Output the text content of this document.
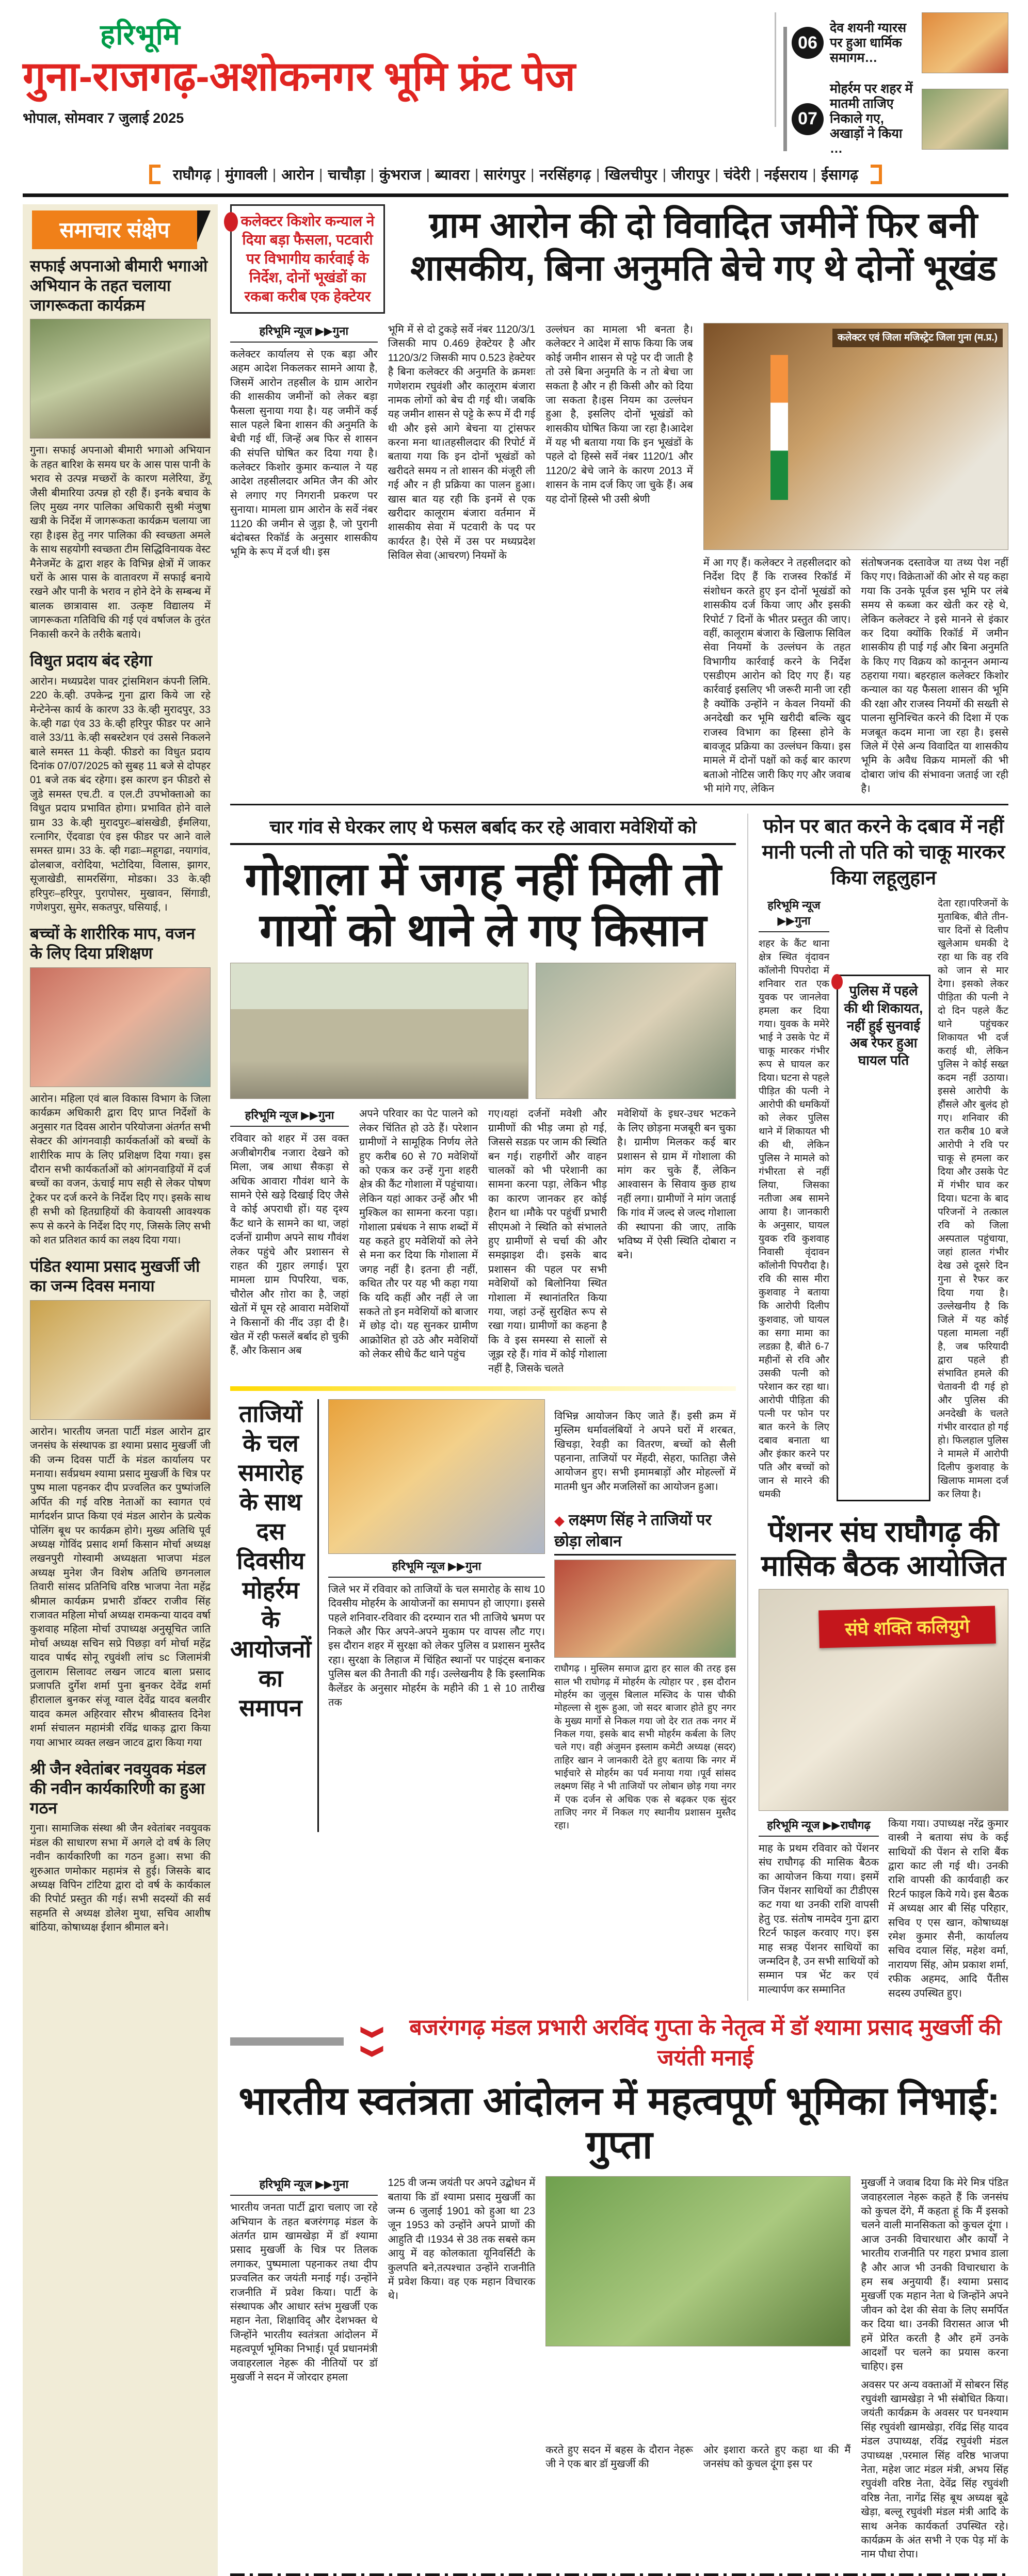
हरिभूमि
गुना-राजगढ़-अशोकनगर भूमि फ्रंट पेज
भोपाल, सोमवार 7 जुलाई 2025
06
देव शयनी ग्यारस पर हुआ धार्मिक समागम…
07
मोहर्रम पर शहर में मातमी ताजिए निकाले गए, अखाड़ों ने किया …
राघौगढ़ | मुंगावली | आरोन | चाचौड़ा | कुंभराज | ब्यावरा | सारंगपुर | नरसिंहगढ़ | खिलचीपुर | जीरापुर | चंदेरी | नईसराय | ईसागढ़
समाचार संक्षेप
सफाई अपनाओ बीमारी भगाओ अभियान के तहत चलाया जागरूकता कार्यक्रम
गुना। सफाई अपनाओ बीमारी भगाओ अभियान के तहत बारिश के समय घर के आस पास पानी के भराव से उत्पन्न मच्छरों के कारण मलेरिया, डेंगू जैसी बीमारिया उत्पन्न हो रही हैं। इनके बचाव के लिए मुख्य नगर पालिका अधिकारी सुश्री मंजुषा खत्री के निर्देश में जागरूकता कार्यक्रम चलाया जा रहा है।इस हेतु नगर पालिका की स्वच्छता अमले के साथ सहयोगी स्वच्छता टीम सिद्धिविनायक वेस्ट मैनेजमेंट के द्वारा शहर के विभिन्न क्षेत्रों में जाकर घरों के आस पास के वातावरण में सफाई बनाये रखने और पानी के भराव न होने देने के सम्बन्ध में बालक छात्रावास शा. उत्कृष्ट विद्यालय में जागरूकता गतिविधि की गई एवं वर्षाजल के तुरंत निकासी करने के तरीके बताये।
विधुत प्रदाय बंद रहेगा
आरोन। मध्यप्रदेश पावर ट्रांसमिशन कंपनी लिमि. 220 के.व्ही. उपकेन्द्र गुना द्वारा किये जा रहे मेन्टेनेन्स कार्य के कारण 33 के.व्ही मुरादपुर, 33 के.व्ही गढा एंव 33 के.व्ही हरिपुर फीडर पर आने वाले 33/11 के.व्ही सबस्टेशन एवं उससे निकलने बाले समस्त 11 केव्ही. फीडरो का विधुत प्रदाय दिनांक 07/07/2025 को सुबह 11 बजे से दोपहर 01 बजे तक बंद रहेगा। इस कारण इन फीडरो से जुडे समस्त एच.टी. व एल.टी उपभोक्ताओ का विधुत प्रदाय प्रभावित होगा। प्रभावित होने वाले ग्राम 33 के.व्ही मुरादपुरः–बांसखेडी, ईमलिया, रत्नागिर, ऐंदवाडा एंव इस फीडर पर आने वाले समस्त ग्राम। 33 के. व्ही गढाः–महूगढा, नयागांव, ढोलबाज, वरोदिया, भटोदिया, विलास, झागर, सूजाखेडी, सामरसिंगा, मोडका। 33 के.व्ही हरिपुरः–हरिपुर, पुरापोसर, मुखावन, सिंगाडी, गणेशपुरा, सुमेर, सकतपुर, घसियाई, ।
बच्चों के शारीरिक माप, वजन के लिए दिया प्रशिक्षण
आरोन। महिला एवं बाल विकास विभाग के जिला कार्यक्रम अधिकारी द्वारा दिए प्राप्त निर्देशों के अनुसार गत दिवस आरोन परियोजना अंतर्गत सभी सेक्टर की आंगनवाड़ी कार्यकर्ताओं को बच्चों के शारीरिक माप के लिए प्रशिक्षण दिया गया। इस दौरान सभी कार्यकर्ताओं को आंगनवाड़ियों में दर्ज बच्चों का वजन, ऊंचाई माप सही से लेकर पोषण ट्रेकर पर दर्ज करने के निर्देश दिए गए। इसके साथ ही सभी को हितग्राहियों की केवायसी आवश्यक रूप से करने के निर्देश दिए गए, जिसके लिए सभी को शत प्रतिशत कार्य का लक्ष्य दिया गया।
पंडित श्यामा प्रसाद मुखर्जी जी का जन्म दिवस मनाया
आरोन। भारतीय जनता पार्टी मंडल आरोन द्वार जनसंघ के संस्थापक डा श्यामा प्रसाद मुखर्जी जी की जन्म दिवस पार्टी के मंडल कार्यालय पर मनाया। सर्वप्रथम श्यामा प्रसाद मुखर्जी के चित्र पर पुष्प माला पहनकर दीप प्रज्वलित कर पुष्पांजलि अर्पित की गई वरिष्ठ नेताओं का स्वागत एवं मार्गदर्शन प्राप्त किया एवं मंडल आरोन के प्रत्येक पोलिंग बूथ पर कार्यक्रम होगे। मुख्य अतिथि पूर्व अध्यक्ष गोविंद प्रसाद शर्मा किसान मोर्चा अध्यक्ष लखनपुरी गोस्वामी अध्यक्षता भाजपा मंडल अध्यक्ष मुनेश जैन विशेष अतिथि छगनलाल तिवारी सांसद प्रतिनिधि वरिष्ठ भाजपा नेता महेंद्र श्रीमाल कार्यक्रम प्रभारी डॉक्टर राजीव सिंह राजावत महिला मोर्चा अध्यक्ष रामकन्या यादव वर्षा कुशवाह महिला मोर्चा उपाध्यक्ष अनुसूचित जाति मोर्चा अध्यक्ष सचिन सप्रे पिछड़ा वर्ग मोर्चा महेंद्र यादव पार्षद सोनू रघुवंशी लांच sc जिलामंत्री तुलाराम सिलावट लखन जाटव बाला प्रसाद प्रजापति दुर्गेश शर्मा पुना बुनकर देवेंद्र शर्मा हीरालाल बुनकर संजू ग्वाल देवेंद्र यादव बलवीर यादव कमल अहिरवार सौरभ श्रीवास्तव दिनेश शर्मा संचालन महामंत्री रविंद्र धाकड़ द्वारा किया गया आभार व्यक्त लखन जाटव द्वारा किया गया
श्री जैन श्वेतांबर नवयुवक मंडल की नवीन कार्यकारिणी का हुआ गठन
गुना। सामाजिक संस्था श्री जैन श्वेतांबर नवयुवक मंडल की साधारण सभा में अगले दो वर्ष के लिए नवीन कार्यकारिणी का गठन हुआ। सभा की शुरुआत णमोकार महामंत्र से हुई। जिसके बाद अध्यक्ष विपिन टांटिया द्वारा दो वर्ष के कार्यकाल की रिपोर्ट प्रस्तुत की गई। सभी सदस्यों की सर्व सहमति से अध्यक्ष डोलेश मुथा, सचिव आशीष बांठिया, कोषाध्यक्ष ईशान श्रीमाल बने।
कलेक्टर किशोर कन्याल ने दिया बड़ा फैसला, पटवारी पर विभागीय कार्रवाई के निर्देश, दोनों भूखंडों का रकबा करीब एक हेक्टेयर
ग्राम आरोन की दो विवादित जमीनें फिर बनी शासकीय, बिना अनुमति बेचे गए थे दोनों भूखंड
हरिभूमि न्यूज ▶▶गुना

कलेक्टर कार्यालय से एक बड़ा और अहम आदेश निकलकर सामने आया है, जिसमें आरोन तहसील के ग्राम आरोन की शासकीय जमीनों को लेकर बड़ा फैसला सुनाया गया है। यह जमीनें कई साल पहले बिना शासन की अनुमति के बेची गई थीं, जिन्हें अब फिर से शासन की संपत्ति घोषित कर दिया गया है। कलेक्टर किशोर कुमार कन्याल ने यह आदेश तहसीलदार अमित जैन की ओर से लगाए गए निगरानी प्रकरण पर सुनाया। मामला ग्राम आरोन के सर्वे नंबर 1120 की जमीन से जुड़ा है, जो पुरानी बंदोबस्त रिकॉर्ड के अनुसार शासकीय भूमि के रूप में दर्ज थी। इस

भूमि में से दो टुकड़े सर्वे नंबर 1120/3/1 जिसकी माप 0.469 हेक्टेयर है और 1120/3/2 जिसकी माप 0.523 हेक्टेयर है बिना कलेक्टर की अनुमति के क्रमशः गणेशराम रघुवंशी और कालूराम बंजारा नामक लोगों को बेच दी गई थी। जबकि यह जमीन शासन से पट्टे के रूप में दी गई थी और इसे आगे बेचना या ट्रांसफर करना मना था।तहसीलदार की रिपोर्ट में बताया गया कि इन दोनों भूखंडों को खरीदते समय न तो शासन की मंजूरी ली गई और न ही प्रक्रिया का पालन हुआ। खास बात यह रही कि इनमें से एक खरीदार कालूराम बंजारा वर्तमान में शासकीय सेवा में पटवारी के पद पर कार्यरत है। ऐसे में उस पर मध्यप्रदेश सिविल सेवा (आचरण) नियमों के

उल्लंघन का मामला भी बनता है। कलेक्टर ने आदेश में साफ किया कि जब कोई जमीन शासन से पट्टे पर दी जाती है तो उसे बिना अनुमति के न तो बेचा जा सकता है और न ही किसी और को दिया जा सकता है।इस नियम का उल्लंघन हुआ है, इसलिए दोनों भूखंडों को शासकीय घोषित किया जा रहा है।आदेश में यह भी बताया गया कि इन भूखंडों के पहले दो हिस्से सर्वे नंबर 1120/1 और 1120/2 बेचे जाने के कारण 2013 में शासन के नाम दर्ज किए जा चुके हैं। अब यह दोनों हिस्से भी उसी श्रेणी

कलेक्टर एवं जिला मजिस्ट्रेट जिला गुना (म.प्र.)

में आ गए हैं। कलेक्टर ने तहसीलदार को निर्देश दिए हैं कि राजस्व रिकॉर्ड में संशोधन करते हुए इन दोनों भूखंडों को शासकीय दर्ज किया जाए और इसकी रिपोर्ट 7 दिनों के भीतर प्रस्तुत की जाए। वहीं, कालूराम बंजारा के खिलाफ सिविल सेवा नियमों के उल्लंघन के तहत विभागीय कार्रवाई करने के निर्देश एसडीएम आरोन को दिए गए हैं। यह कार्रवाई इसलिए भी जरूरी मानी जा रही है क्योंकि उन्होंने न केवल नियमों की अनदेखी कर भूमि खरीदी बल्कि खुद राजस्व विभाग का हिस्सा होने के बावजूद प्रक्रिया का उल्लंघन किया। इस मामले में दोनों पक्षों को कई बार कारण बताओ नोटिस जारी किए गए और जवाब भी मांगे गए, लेकिन

संतोषजनक दस्तावेज या तथ्य पेश नहीं किए गए। विक्रेताओं की ओर से यह कहा गया कि उनके पूर्वज इस भूमि पर लंबे समय से कब्जा कर खेती कर रहे थे, लेकिन कलेक्टर ने इसे मानने से इंकार कर दिया क्योंकि रिकॉर्ड में जमीन शासकीय ही पाई गई और बिना अनुमति के किए गए विक्रय को कानूनन अमान्य ठहराया गया। बहरहाल कलेक्टर किशोर कन्याल का यह फैसला शासन की भूमि की रक्षा और राजस्व नियमों की सख्ती से पालना सुनिश्चित करने की दिशा में एक मजबूत कदम माना जा रहा है। इससे जिले में ऐसे अन्य विवादित या शासकीय भूमि के अवैध विक्रय मामलों की भी दोबारा जांच की संभावना जताई जा रही है।

चार गांव से घेरकर लाए थे फसल बर्बाद कर रहे आवारा मवेशियों को
गोशाला में जगह नहीं मिली तो गायों को थाने ले गए किसान
हरिभूमि न्यूज ▶▶गुना

रविवार को शहर में उस वक्त अजीबोगरीब नजारा देखने को मिला, जब आधा सैकड़ा से अधिक आवारा गौवंश थाने के सामने ऐसे खड़े दिखाई दिए जैसे वे कोई अपराधी हों। यह दृश्य कैंट थाने के सामने का था, जहां दर्जनों ग्रामीण अपने साथ गौवंश लेकर पहुंचे और प्रशासन से राहत की गुहार लगाई। पूरा मामला ग्राम पिपरिया, चक, चौरोल और ग़ोरा का है, जहां खेतों में घूम रहे आवारा मवेशियों ने किसानों की नींद उड़ा दी है। खेत में रही फसलें बर्बाद हो चुकी हैं, और किसान अब

अपने परिवार का पेट पालने को लेकर चिंतित हो उठे हैं। परेशान ग्रामीणों ने सामूहिक निर्णय लेते हुए करीब 60 से 70 मवेशियों को एकत्र कर उन्हें गुना शहरी क्षेत्र की कैंट गोशाला में पहुंचाया।लेकिन यहां आकर उन्हें और भी मुश्किल का सामना करना पड़ा। गोशाला प्रबंधक ने साफ शब्दों में यह कहते हुए मवेशियों को लेने से मना कर दिया कि गोशाला में जगह नहीं है। इतना ही नहीं, कथित तौर पर यह भी कहा गया कि यदि कहीं और नहीं ले जा सकते तो इन मवेशियों को बाजार में छोड़ दो। यह सुनकर ग्रामीण आक्रोशित हो उठे और मवेशियों को लेकर सीधे कैंट थाने पहुंच

गए।यहां दर्जनों मवेशी और ग्रामीणों की भीड़ जमा हो गई, जिससे सडक़ पर जाम की स्थिति बन गई। राहगीरों और वाहन चालकों को भी परेशानी का सामना करना पड़ा, लेकिन भीड़ का कारण जानकर हर कोई हैरान था ।मौके पर पहुंचीं प्रभारी सीएमओ ने स्थिति को संभालते हुए ग्रामीणों से चर्चा की और समझाइश दी। इसके बाद प्रशासन की पहल पर सभी मवेशियों को बिलोनिया स्थित गोशाला में स्थानांतरित किया गया, जहां उन्हें सुरक्षित रूप से रखा गया। ग्रामीणों का कहना है कि वे इस समस्या से सालों से जूझ रहे हैं। गांव में कोई गोशाला नहीं है, जिसके चलते

मवेशियों के इधर-उधर भटकने के लिए छोड़ना मजबूरी बन चुका है। ग्रामीण मिलकर कई बार प्रशासन से ग्राम में गोशाला की मांग कर चुके हैं, लेकिन आश्वासन के सिवाय कुछ हाथ नहीं लगा। ग्रामीणों ने मांग जताई कि गांव में जल्द से जल्द गोशाला की स्थापना की जाए, ताकि भविष्य में ऐसी स्थिति दोबारा न बने।

ताजियों के चल समारोह के साथ दस दिवसीय मोहर्रम के आयोजनों का समापन
हरिभूमि न्यूज ▶▶गुना

जिले भर में रविवार को ताजियों के चल समारोह के साथ 10 दिवसीय मोहर्रम के आयोजनों का समापन हो जाएगा। इससे पहले शनिवार-रविवार की दरम्यान रात भी ताजिये भ्रमण पर निकले और फिर अपने-अपने मुकाम पर वापस लौट गए। इस दौरान शहर में सुरक्षा को लेकर पुलिस व प्रशासन मुस्तैद रहा। सुरक्षा के लिहाज में चिंहित स्थानों पर पाइंट्स बनाकर पुलिस बल की तैनाती की गई। उल्लेखनीय है कि इस्लामिक कैलेंडर के अनुसार मोहर्रम के महीने की 1 से 10 तारीख तक

विभिन्न आयोजन किए जाते हैं। इसी क्रम में मुस्लिम धर्मावलंबियों ने अपने घरों में शरबत, खिचड़ा, रेवड़ी का वितरण, बच्चों को सैली पहनाना, ताजियों पर मेंहदी, सेहरा, फातिहा जैसे आयोजन हुए। सभी इमामबाड़ों और मोहल्लों में मातमी धुन और मजलिसों का आयोजन हुआ।

◆ लक्ष्मण सिंह ने ताजियों पर छोड़ा लोबान

राघौगढ़ । मुस्लिम समाज द्वारा हर साल की तरह इस साल भी राघोगढ़ में मोहर्रम के त्योहार पर , इस दौरान मोहर्रम का जुलूस बिलाल मस्जिद के पास चौकी मोहल्ला से शुरू हुआ, जो सदर बाजार होते हुए नगर के मुख्य मार्गो से निकल गया जो देर रात तक नगर में निकल गया, इसके बाद सभी मोहर्रम कर्बला के लिए चले गए। वही अंजुमन इस्लाम कमेटी अध्यक्ष (सदर) ताहिर खान ने जानकारी देते हुए बताया कि नगर में भाईचारे से मोहर्रम का पर्व मनाया गया ।पूर्व सांसद लक्ष्मण सिंह ने भी ताजियों पर लोबान छोड़ गया नगर में एक दर्जन से अधिक एक से बढ़कर एक सुंदर ताजिए नगर में निकल गए स्थानीय प्रशासन मुस्तैद रहा।

फोन पर बात करने के दबाव में नहीं मानी पत्नी तो पति को चाकू मारकर किया लहूलुहान
हरिभूमि न्यूज ▶▶गुना

शहर के कैंट थाना क्षेत्र स्थित वृंदावन कॉलोनी पिपरोदा में शनिवार रात एक युवक पर जानलेवा हमला कर दिया गया। युवक के ममेरे भाई ने उसके पेट में चाकू मारकर गंभीर रूप से घायल कर दिया। घटना से पहले पीड़ित की पत्नी ने आरोपी की धमकियों को लेकर पुलिस थाने में शिकायत भी की थी, लेकिन पुलिस ने मामले को गंभीरता से नहीं लिया, जिसका नतीजा अब सामने आया है। जानकारी के अनुसार, घायल युवक रवि कुशवाह निवासी वृंदावन कॉलोनी पिपरौदा है। रवि की सास मीरा कुशवाह ने बताया कि आरोपी दिलीप कुशवाह, जो घायल का सगा मामा का लडक़ा है, बीते 6-7 महीनों से रवि और उसकी पत्नी को परेशान कर रहा था। आरोपी पीड़िता की पत्नी पर फोन पर बात करने के लिए दबाव बनाता था और इंकार करने पर पति और बच्चों को जान से मारने की धमकी

पुलिस में पहले की थी शिकायत, नहीं हुई सुनवाई अब रेफर हुआ घायल पति

देता रहा।परिजनों के मुताबिक, बीते तीन-चार दिनों से दिलीप खुलेआम धमकी दे रहा था कि वह रवि को जान से मार देगा। इसको लेकर पीड़िता की पत्नी ने दो दिन पहले कैंट थाने पहुंचकर शिकायत भी दर्ज कराई थी, लेकिन पुलिस ने कोई सख्त कदम नहीं उठाया। इससे आरोपी के हौंसले और बुलंद हो गए। शनिवार की रात करीब 10 बजे आरोपी ने रवि पर चाकू से हमला कर दिया और उसके पेट में गंभीर घाव कर दिया। घटना के बाद परिजनों ने तत्काल रवि को जिला अस्पताल पहुंचाया, जहां हालत गंभीर देख उसे दूसरे दिन गुना से रैफर कर दिया गया है।उल्लेखनीय है कि जिले में यह कोई पहला मामला नहीं है, जब फरियादी द्वारा पहले ही संभावित हमले की चेतावनी दी गई हो और पुलिस की अनदेखी के चलते गंभीर वारदात हो गई हो। फिलहाल पुलिस ने मामले में आरोपी दिलीप कुशवाह के खिलाफ मामला दर्ज कर लिया है।

पेंशनर संघ राघौगढ़ की मासिक बैठक आयोजित
संघे शक्ति कलियुगे
हरिभूमि न्यूज ▶▶राघौगढ़

माह के प्रथम रविवार को पेंशनर संघ राघौगढ़ की मासिक बैठक का आयोजन किया गया। इसमें जिन पेंशनर साथियों का टीडीएस कट गया था उनकी राशि वापसी हेतु एड. संतोष नामदेव गुना द्वारा रिटर्न फाइल करवाए गए। इस माह सत्रह पेंशनर साथियों का जन्मदिन है, उन सभी साथियों को सम्मान पत्र भेंट कर एवं माल्यार्पण कर सम्मानित

किया गया। उपाध्यक्ष नरेंद्र कुमार वास्त्री ने बताया संघ के कई साथियों की पेंशन से राशि बैंक द्वारा काट ली गई थी। उनकी राशि वापसी की कार्यवाही कर रिटर्न फाइल किये गये। इस बैठक में अध्यक्ष आर बी सिंह परिहार, सचिव ए एस खान, कोषाध्यक्ष रमेश कुमार सैनी, कार्यालय सचिव दयाल सिंह, महेश वर्मा, नारायण सिंह, ओम प्रकाश शर्मा, रफीक अहमद, आदि पैंतीस सदस्य उपस्थित हुए।

❱❱	बजरंगगढ़ मंडल प्रभारी अरविंद गुप्ता के नेतृत्व में डॉ श्यामा प्रसाद मुखर्जी की जयंती मनाई
भारतीय स्वतंत्रता आंदोलन में महत्वपूर्ण भूमिका निभाई: गुप्ता
हरिभूमि न्यूज ▶▶गुना

भारतीय जनता पार्टी द्वारा चलाए जा रहे अभियान के तहत बजरंगगढ़ मंडल के अंतर्गत ग्राम खामखेड़ा में डॉ श्यामा प्रसाद मुखर्जी के चित्र पर तिलक लगाकर, पुष्पमाला पहनाकर तथा दीप प्रज्वलित कर जयंती मनाई गई। उन्होंने राजनीति में प्रवेश किया। पार्टी के संस्थापक और आधार स्तंभ मुखर्जी एक महान नेता, शिक्षाविद् और देशभक्त थे जिन्होंने भारतीय स्वतंत्रता आंदोलन में महत्वपूर्ण भूमिका निभाई। पूर्व प्रधानमंत्री जवाहरलाल नेहरू की नीतियों पर डॉ मुखर्जी ने सदन में जोरदार हमला

125 वी जन्म जयंती पर अपने उद्बोधन में बताया कि डॉ श्यामा प्रसाद मुखर्जी का जन्म 6 जुलाई 1901 को हुआ था 23 जून 1953 को उन्होंने अपने प्राणों की आहुति दी ।1934 से 38 तक सबसे कम आयु में वह कोलकाता यूनिवर्सिटी के कुलपति बने,तत्पश्चात उन्होंने राजनीति में प्रवेश किया। वह एक महान विचारक थे।

करते हुए सदन में बहस के दौरान नेहरू जी ने एक बार डॉ मुखर्जी की

ओर इशारा करते हुए कहा था की मैं जनसंघ को कुचल दूंगा इस पर

मुखर्जी ने जवाब दिया कि मेरे मित्र पंडित जवाहरलाल नेहरू कहते हैं कि जनसंघ को कुचल देंगे, मैं कहता हूं कि मैं इसको चलने वाली मानसिकता को कुचल दूंगा ।आज उनकी विचारधारा और कार्यों ने भारतीय राजनीति पर गहरा प्रभाव डाला है और आज भी उनकी विचारधारा के हम सब अनुयायी हैं। श्यामा प्रसाद मुखर्जी एक महान नेता थे जिन्होंने अपने जीवन को देश की सेवा के लिए समर्पित कर दिया था। उनकी विरासत आज भी हमें प्रेरित करती है और हमें उनके आदर्शों पर चलने का प्रयास करना चाहिए। इस

अवसर पर अन्य वक्ताओं में सोबरन सिंह रघुवंशी खामखेड़ा ने भी संबोधित किया। जयंती कार्यक्रम के अवसर पर घनश्याम सिंह रघुवंशी खामखेड़ा, रविंद्र सिंह यादव मंडल उपाध्यक्ष, रविंद्र रघुवंशी मंडल उपाध्यक्ष ,परमाल सिंह वरिष्ठ भाजपा नेता, महेश जाट मंडल मंत्री, अभय सिंह रघुवंशी वरिष्ठ नेता, देवेंद्र सिंह रघुवंशी वरिष्ठ नेता, नागेंद्र सिंह बूथ अध्यक्ष बूढे खेड़ा, बल्लू रघुवंशी मंडल मंत्री आदि के साथ अनेक कार्यकर्ता उपस्थित रहे। कार्यक्रम के अंत सभी ने एक पेड़ मॉ के नाम पौधा रोपा।
